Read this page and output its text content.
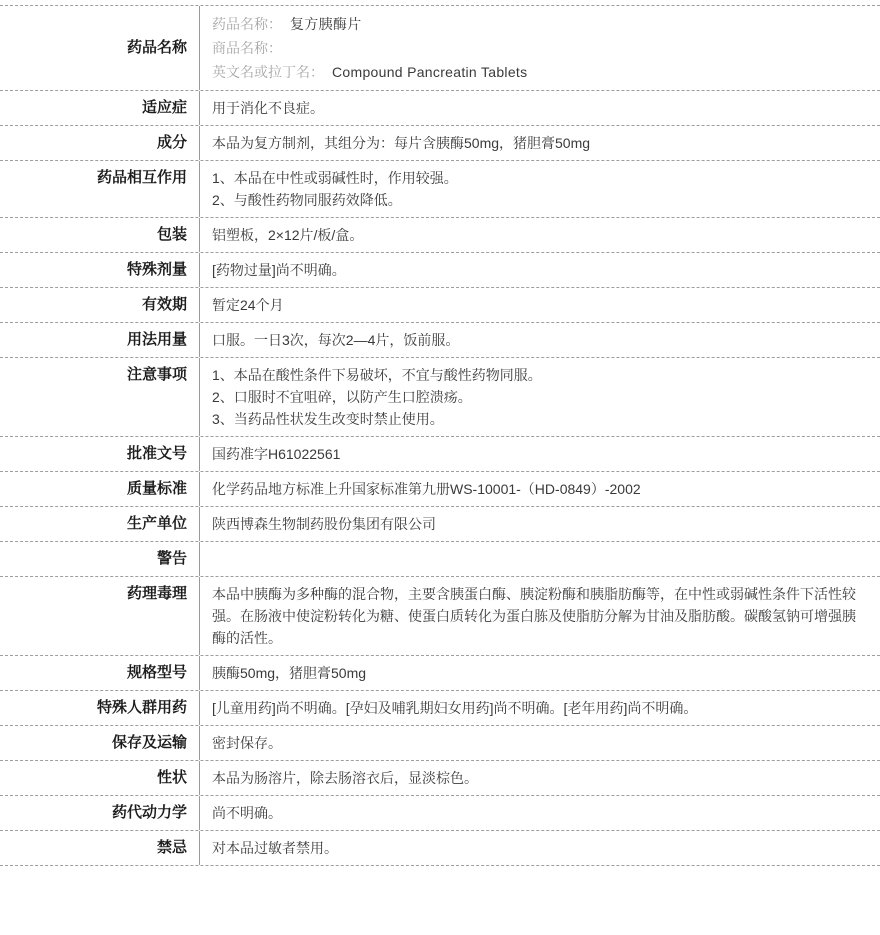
药品名称
药品名称： 复方胰酶片
商品名称：
英文名或拉丁名： Compound Pancreatin Tablets
适应症	用于消化不良症。
成分	本品为复方制剂，其组分为：每片含胰酶50mg，猪胆膏50mg
药品相互作用	1、本品在中性或弱碱性时，作用较强。
2、与酸性药物同服药效降低。
包装	铝塑板，2×12片/板/盒。
特殊剂量	[药物过量]尚不明确。
有效期	暂定24个月
用法用量	口服。一日3次，每次2—4片，饭前服。
注意事项	1、本品在酸性条件下易破坏，不宜与酸性药物同服。
2、口服时不宜咀碎，以防产生口腔溃疡。
3、当药品性状发生改变时禁止使用。
批准文号	国药准字H61022561
质量标准	化学药品地方标准上升国家标准第九册WS-10001-（HD-0849）-2002
生产单位	陕西博森生物制药股份集团有限公司
警告
药理毒理	本品中胰酶为多种酶的混合物，主要含胰蛋白酶、胰淀粉酶和胰脂肪酶等，在中性或弱碱性条件下活性较强。在肠液中使淀粉转化为糖、使蛋白质转化为蛋白胨及使脂肪分解为甘油及脂肪酸。碳酸氢钠可增强胰酶的活性。
规格型号	胰酶50mg，猪胆膏50mg
特殊人群用药	[儿童用药]尚不明确。[孕妇及哺乳期妇女用药]尚不明确。[老年用药]尚不明确。
保存及运输	密封保存。
性状	本品为肠溶片，除去肠溶衣后，显淡棕色。
药代动力学	尚不明确。
禁忌	对本品过敏者禁用。
